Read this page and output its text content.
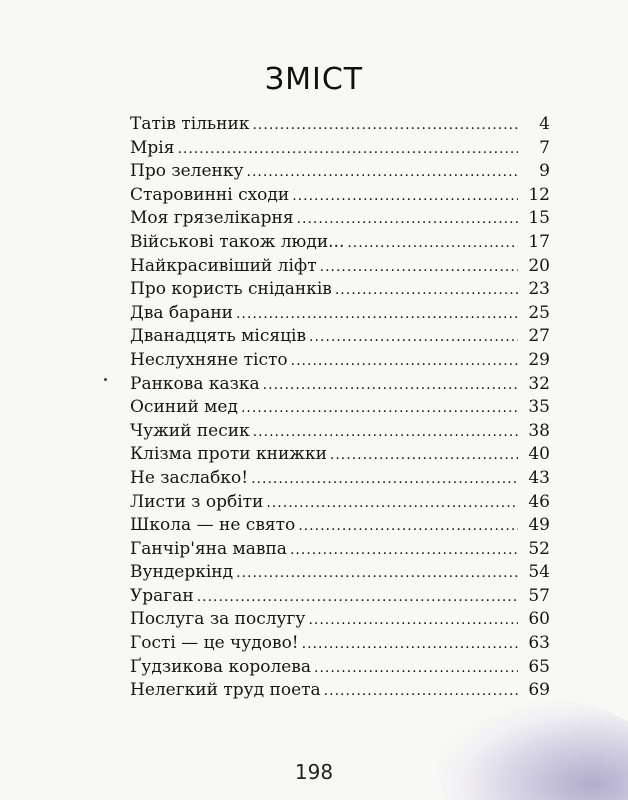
ЗМІСТ
Татів тільник .....	4
Мрія .....	7
Про зеленку .....	9
Старовинні сходи .....	12
Моя грязелікарня .....	15
Військові також люди... .....	17
Найкрасивіший ліфт .....	20
Про користь сніданків .....	23
Два барани .....	25
Дванадцять місяців .....	27
Неслухняне тісто .....	29
Ранкова казка .....	32
Осиний мед .....	35
Чужий песик .....	38
Клізма проти книжки .....	40
Не заслабко! .....	43
Листи з орбіти .....	46
Школа — не свято .....	49
Ганчір'яна мавпа .....	52
Вундеркінд .....	54
Ураган .....	57
Послуга за послугу .....	60
Гості — це чудово! .....	63
Ґудзикова королева .....	65
Нелегкий труд поета .....	69
198
